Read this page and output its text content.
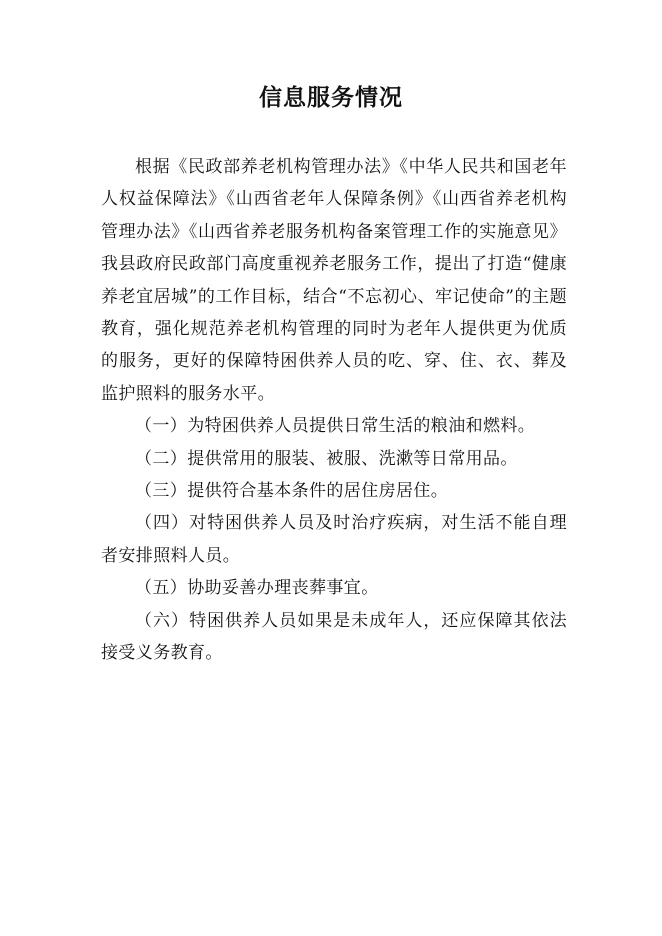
信息服务情况

根据《民政部养老机构管理办法》《中华人民共和国老年人权益保障法》《山西省老年人保障条例》《山西省养老机构管理办法》《山西省养老服务机构备案管理工作的实施意见》我县政府民政部门高度重视养老服务工作，提出了打造“健康养老宜居城”的工作目标，结合“不忘初心、牢记使命”的主题教育，强化规范养老机构管理的同时为老年人提供更为优质的服务，更好的保障特困供养人员的吃、穿、住、衣、葬及监护照料的服务水平。

（一）为特困供养人员提供日常生活的粮油和燃料。

（二）提供常用的服装、被服、洗漱等日常用品。

（三）提供符合基本条件的居住房居住。

（四）对特困供养人员及时治疗疾病，对生活不能自理者安排照料人员。

（五）协助妥善办理丧葬事宜。

（六）特困供养人员如果是未成年人，还应保障其依法接受义务教育。
